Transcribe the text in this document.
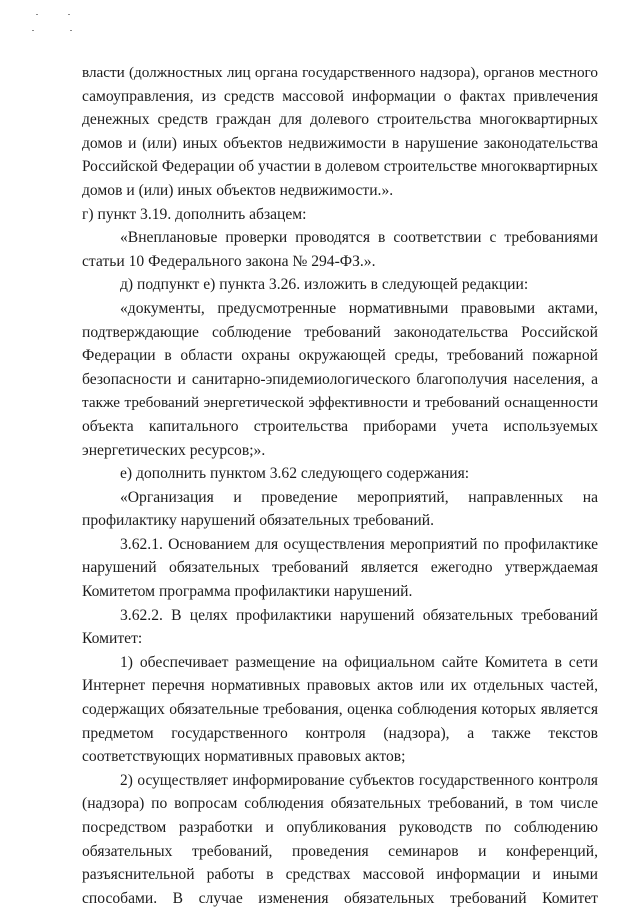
власти (должностных лиц органа государственного надзора), органов местного
самоуправления, из средств массовой информации о фактах привлечения
денежных средств граждан для долевого строительства многоквартирных
домов и (или) иных объектов недвижимости в нарушение законодательства
Российской Федерации об участии в долевом строительстве многоквартирных
домов и (или) иных объектов недвижимости.».
г) пункт 3.19. дополнить абзацем:
«Внеплановые проверки проводятся в соответствии с требованиями
статьи 10 Федерального закона № 294-ФЗ.».
д) подпункт е) пункта 3.26. изложить в следующей редакции:
«документы, предусмотренные нормативными правовыми актами,
подтверждающие соблюдение требований законодательства Российской
Федерации в области охраны окружающей среды, требований пожарной
безопасности и санитарно-эпидемиологического благополучия населения, а
также требований энергетической эффективности и требований оснащенности
объекта капитального строительства приборами учета используемых
энергетических ресурсов;».
е) дополнить пунктом 3.62 следующего содержания:
«Организация и проведение мероприятий, направленных на
профилактику нарушений обязательных требований.
3.62.1. Основанием для осуществления мероприятий по профилактике
нарушений обязательных требований является ежегодно утверждаемая
Комитетом программа профилактики нарушений.
3.62.2. В целях профилактики нарушений обязательных требований
Комитет:
1) обеспечивает размещение на официальном сайте Комитета в сети
Интернет перечня нормативных правовых актов или их отдельных частей,
содержащих обязательные требования, оценка соблюдения которых является
предметом государственного контроля (надзора), а также текстов
соответствующих нормативных правовых актов;
2) осуществляет информирование субъектов государственного контроля
(надзора) по вопросам соблюдения обязательных требований, в том числе
посредством разработки и опубликования руководств по соблюдению
обязательных требований, проведения семинаров и конференций,
разъяснительной работы в средствах массовой информации и иными
способами. В случае изменения обязательных требований Комитет
